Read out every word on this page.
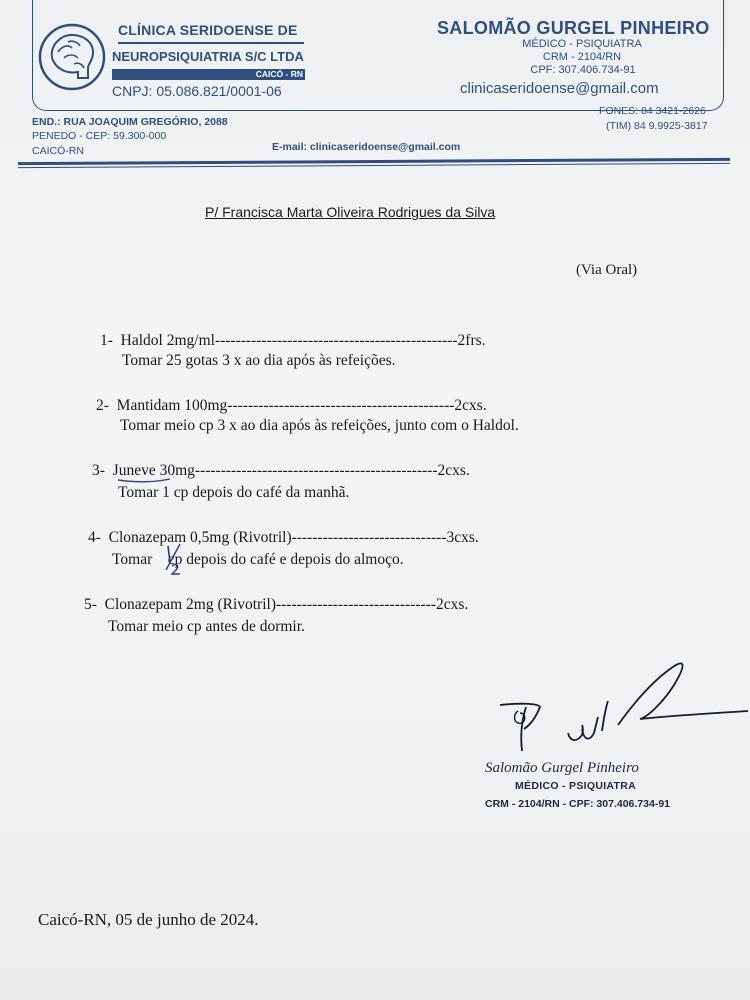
CLÍNICA SERIDOENSE DE
NEUROPSIQUIATRIA S/C LTDA
CAICÓ - RN
CNPJ: 05.086.821/0001-06
SALOMÃO GURGEL PINHEIRO
MÉDICO - PSIQUIATRA
CRM - 2104/RN
CPF: 307.406.734-91
clinicaseridoense@gmail.com
END.: RUA JOAQUIM GREGÓRIO, 2088
PENEDO - CEP: 59.300-000
CAICÓ-RN	E-mail: clinicaseridoense@gmail.com
FONES: 84 3421-2626
(TIM) 84 9.9925-3817
P/ Francisca Marta Oliveira Rodrigues da Silva
(Via Oral)
1-  Haldol 2mg/ml-----------------------------------------------2frs.
Tomar 25 gotas 3 x ao dia após às refeições.
2-  Mantidam 100mg--------------------------------------------2cxs.
Tomar meio cp 3 x ao dia após às refeições, junto com o Haldol.
3-  Juneve 30mg-----------------------------------------------2cxs.
Tomar 1 cp depois do café da manhã.
4-  Clonazepam 0,5mg (Rivotril)------------------------------3cxs.
Tomar    cp depois do café e depois do almoço.
5-  Clonazepam 2mg (Rivotril)-------------------------------2cxs.
Tomar meio cp antes de dormir.
Salomão Gurgel Pinheiro
MÉDICO - PSIQUIATRA
CRM - 2104/RN - CPF: 307.406.734-91
Caicó-RN, 05 de junho de 2024.
